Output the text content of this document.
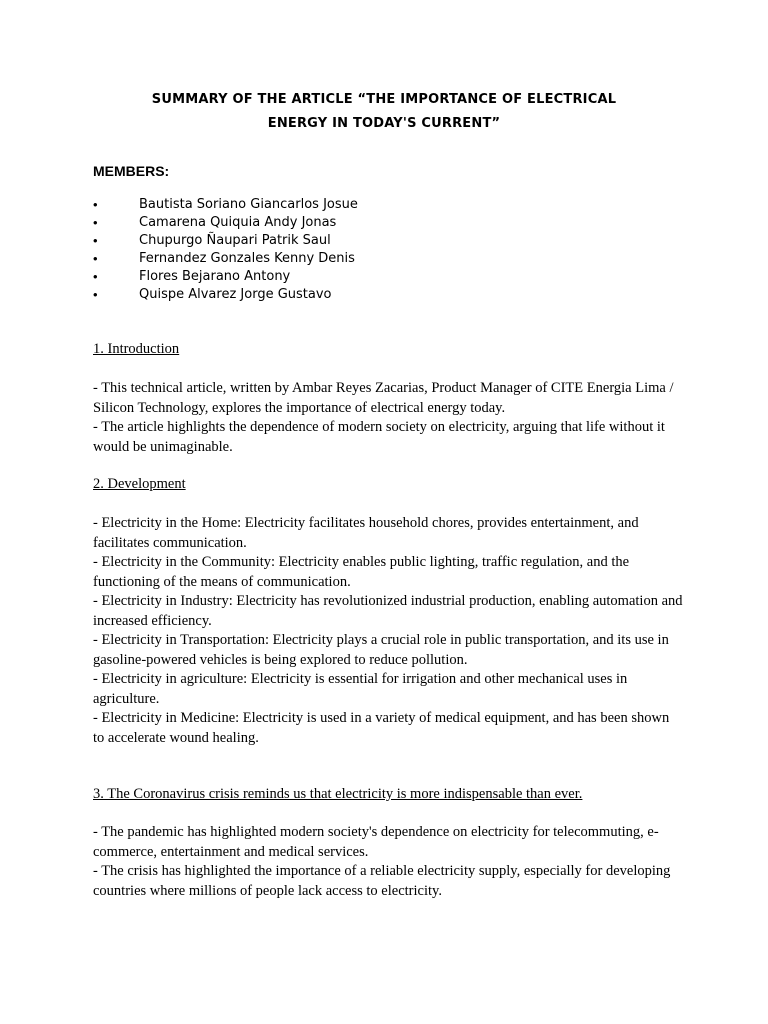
SUMMARY OF THE ARTICLE “THE IMPORTANCE OF ELECTRICAL
ENERGY IN TODAY'S CURRENT”
MEMBERS:
•	Bautista Soriano Giancarlos Josue
•	Camarena Quiquia Andy Jonas
•	Chupurgo Ñaupari Patrik Saul
•	Fernandez Gonzales Kenny Denis
•	Flores Bejarano Antony
•	Quispe Alvarez Jorge Gustavo
1. Introduction

- This technical article, written by Ambar Reyes Zacarias, Product Manager of CITE Energia Lima / Silicon Technology, explores the importance of electrical energy today.

- The article highlights the dependence of modern society on electricity, arguing that life without it would be unimaginable.

2. Development

- Electricity in the Home: Electricity facilitates household chores, provides entertainment, and facilitates communication.

- Electricity in the Community: Electricity enables public lighting, traffic regulation, and the functioning of the means of communication.

- Electricity in Industry: Electricity has revolutionized industrial production, enabling automation and increased efficiency.

- Electricity in Transportation: Electricity plays a crucial role in public transportation, and its use in gasoline-powered vehicles is being explored to reduce pollution.

- Electricity in agriculture: Electricity is essential for irrigation and other mechanical uses in agriculture.

- Electricity in Medicine: Electricity is used in a variety of medical equipment, and has been shown to accelerate wound healing.

3. The Coronavirus crisis reminds us that electricity is more indispensable than ever.

- The pandemic has highlighted modern society's dependence on electricity for telecommuting, e-commerce, entertainment and medical services.

- The crisis has highlighted the importance of a reliable electricity supply, especially for developing countries where millions of people lack access to electricity.
